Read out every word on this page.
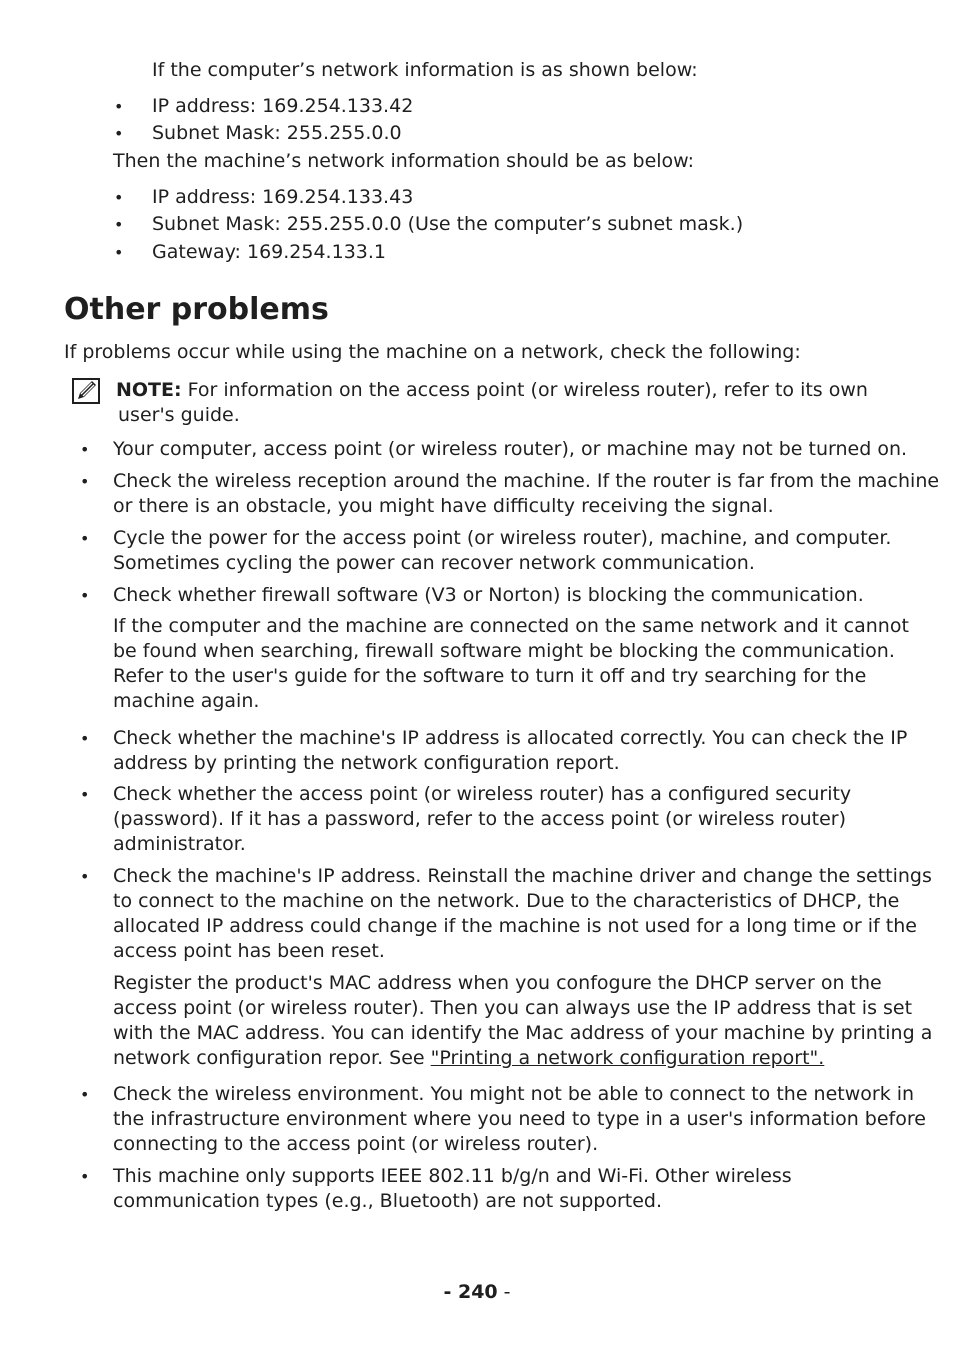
If the computer’s network information is as shown below:
• IP address: 169.254.133.42
• Subnet Mask: 255.255.0.0
Then the machine’s network information should be as below:
• IP address: 169.254.133.43
• Subnet Mask: 255.255.0.0 (Use the computer’s subnet mask.)
• Gateway: 169.254.133.1
Other problems
If problems occur while using the machine on a network, check the following:
NOTE: For information on the access point (or wireless router), refer to its own
user's guide.
• Your computer, access point (or wireless router), or machine may not be turned on.
• Check the wireless reception around the machine. If the router is far from the machine
or there is an obstacle, you might have difficulty receiving the signal.
• Cycle the power for the access point (or wireless router), machine, and computer.
Sometimes cycling the power can recover network communication.
• Check whether firewall software (V3 or Norton) is blocking the communication.
If the computer and the machine are connected on the same network and it cannot
be found when searching, firewall software might be blocking the communication.
Refer to the user's guide for the software to turn it off and try searching for the
machine again.
• Check whether the machine's IP address is allocated correctly. You can check the IP
address by printing the network configuration report.
• Check whether the access point (or wireless router) has a configured security
(password). If it has a password, refer to the access point (or wireless router)
administrator.
• Check the machine's IP address. Reinstall the machine driver and change the settings
to connect to the machine on the network. Due to the characteristics of DHCP, the
allocated IP address could change if the machine is not used for a long time or if the
access point has been reset.
Register the product's MAC address when you confogure the DHCP server on the
access point (or wireless router). Then you can always use the IP address that is set
with the MAC address. You can identify the Mac address of your machine by printing a
network configuration repor. See "Printing a network configuration report".
• Check the wireless environment. You might not be able to connect to the network in
the infrastructure environment where you need to type in a user's information before
connecting to the access point (or wireless router).
• This machine only supports IEEE 802.11 b/g/n and Wi-Fi. Other wireless
communication types (e.g., Bluetooth) are not supported.
- 240 -
